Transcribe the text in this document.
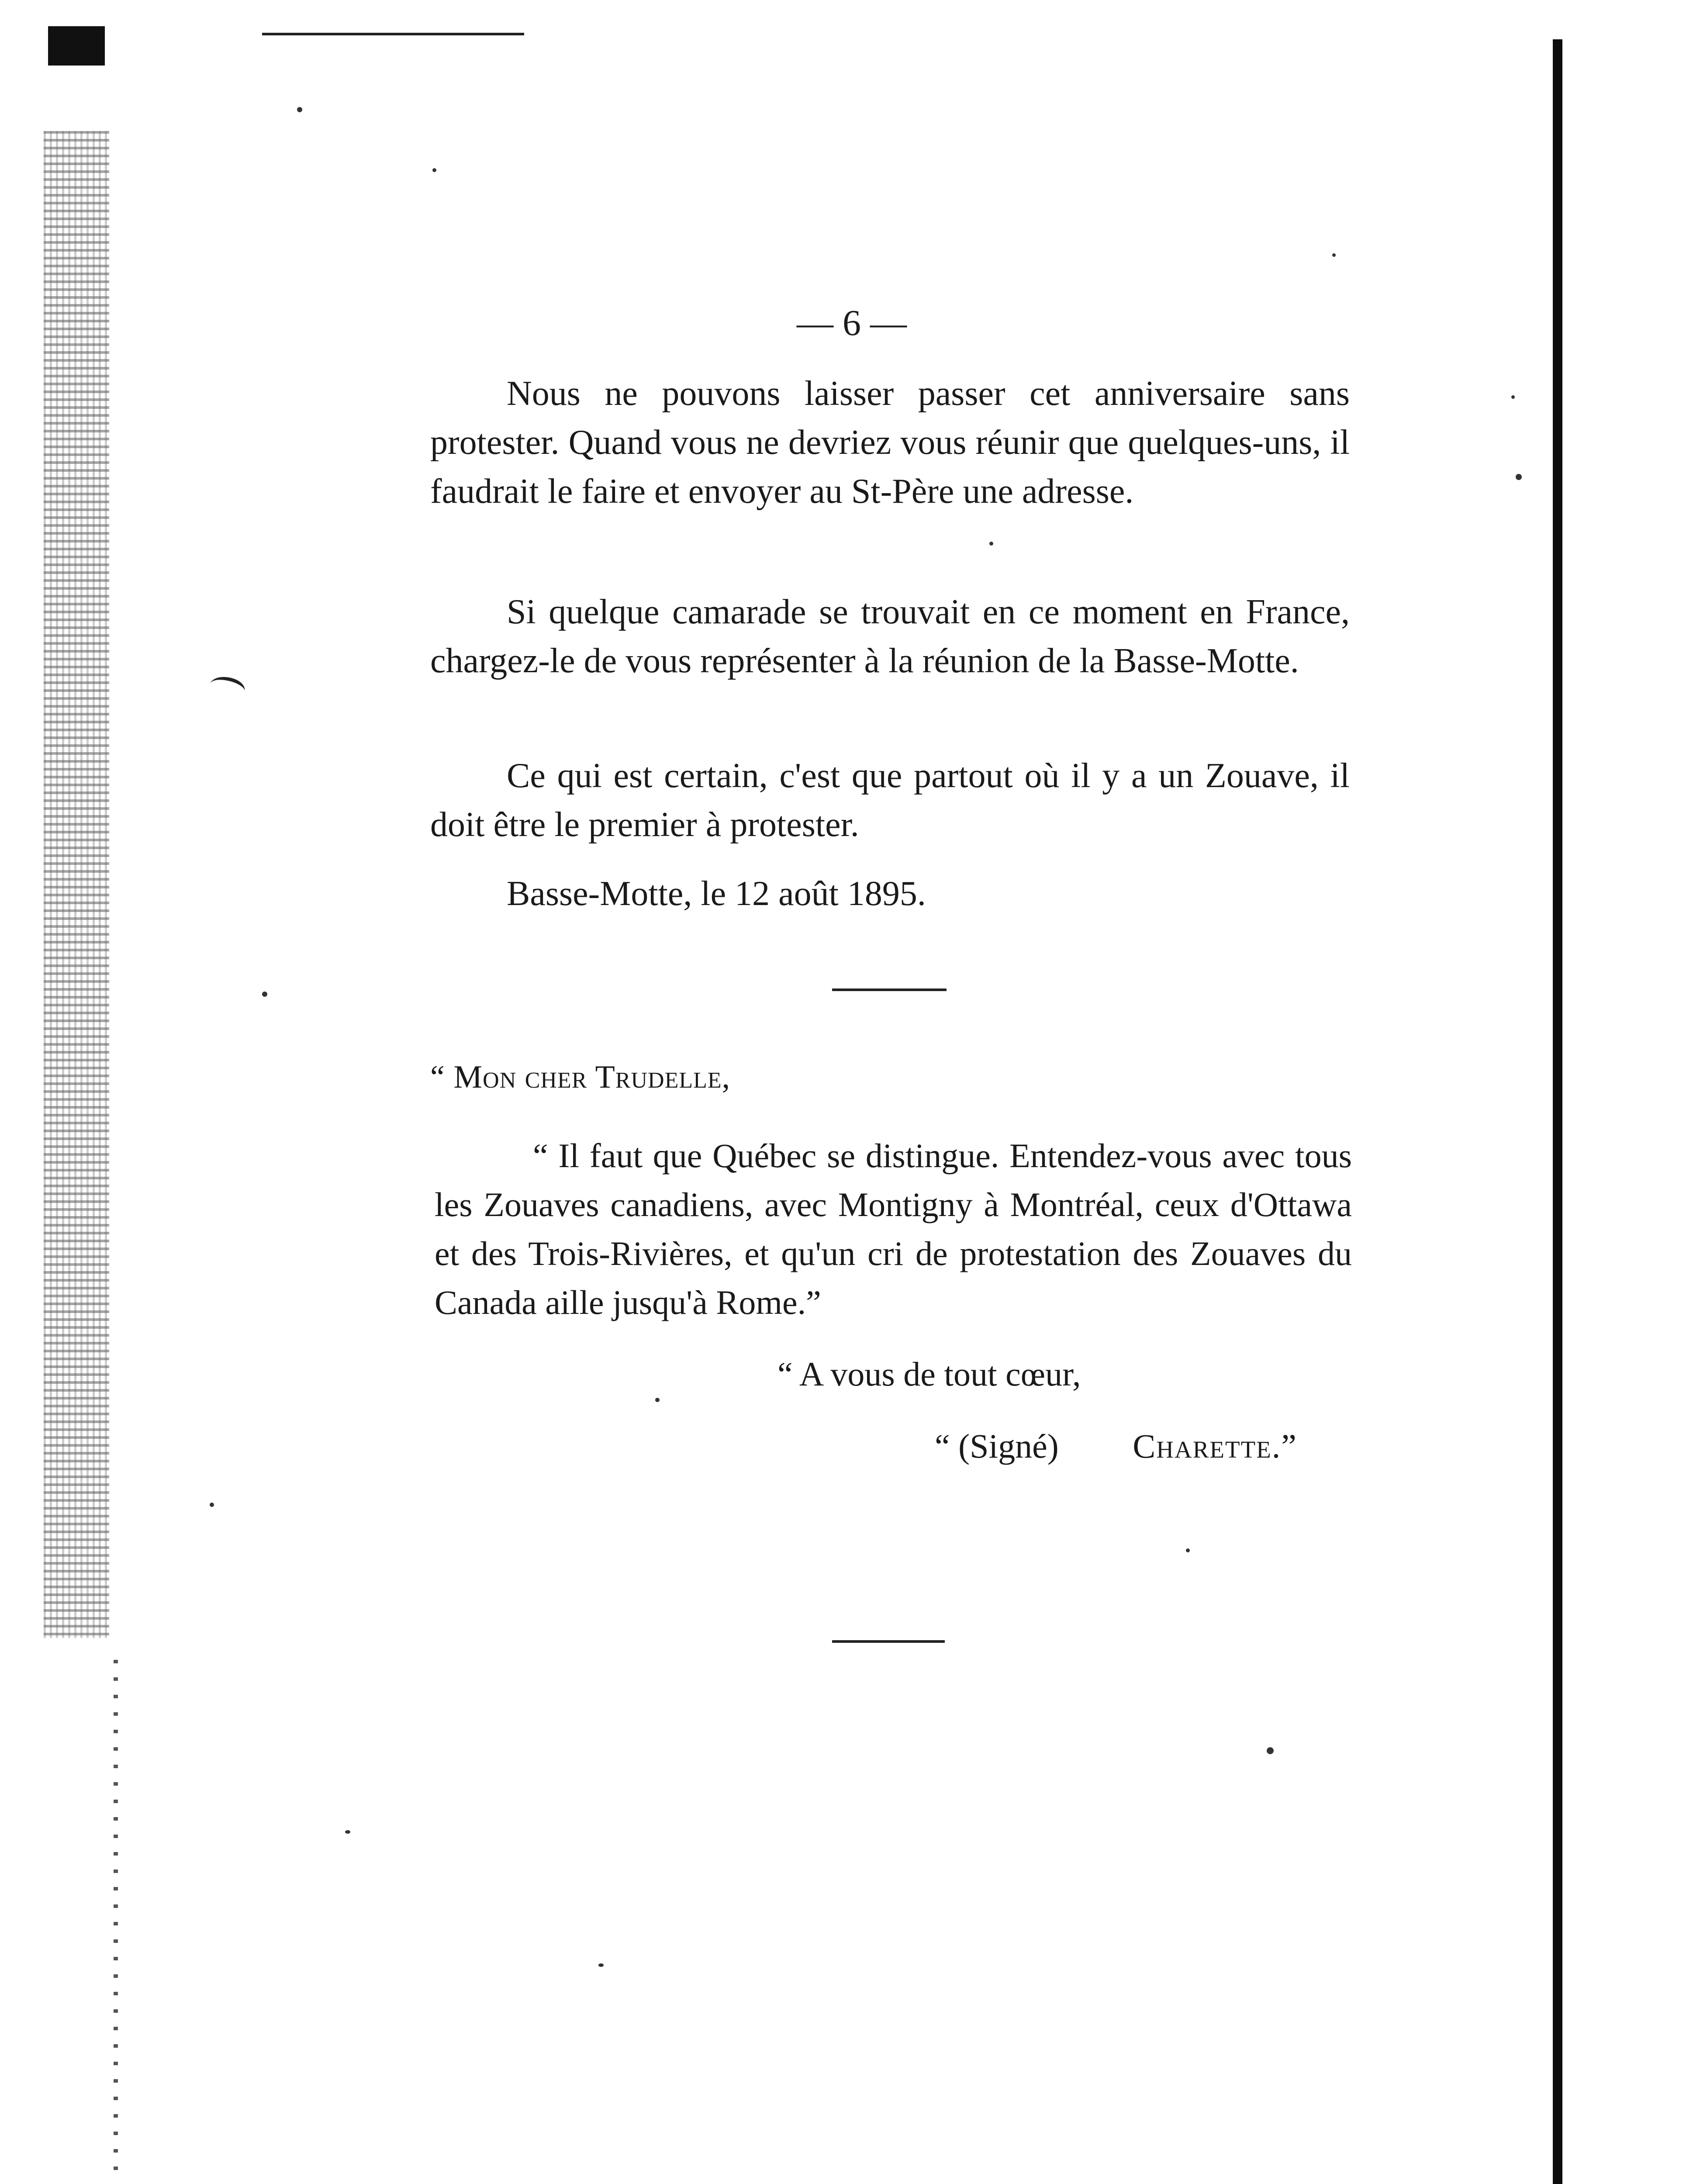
— 6 —

Nous ne pouvons laisser passer cet anniversaire sans protester. Quand vous ne devriez vous réunir que quelques-uns, il faudrait le faire et envoyer au St-Père une adresse.

Si quelque camarade se trouvait en ce moment en France, chargez-le de vous représenter à la réunion de la Basse-Motte.

Ce qui est certain, c'est que partout où il y a un Zouave, il doit être le premier à protester.

Basse-Motte, le 12 août 1895.

“ Mon cher Trudelle,

“ Il faut que Québec se distingue. Entendez-vous avec tous les Zouaves canadiens, avec Montigny à Montréal, ceux d'Ottawa et des Trois-Rivières, et qu'un cri de protestation des Zouaves du Canada aille jusqu'à Rome.”

“ A vous de tout cœur,
“ (Signé) Charette.”
